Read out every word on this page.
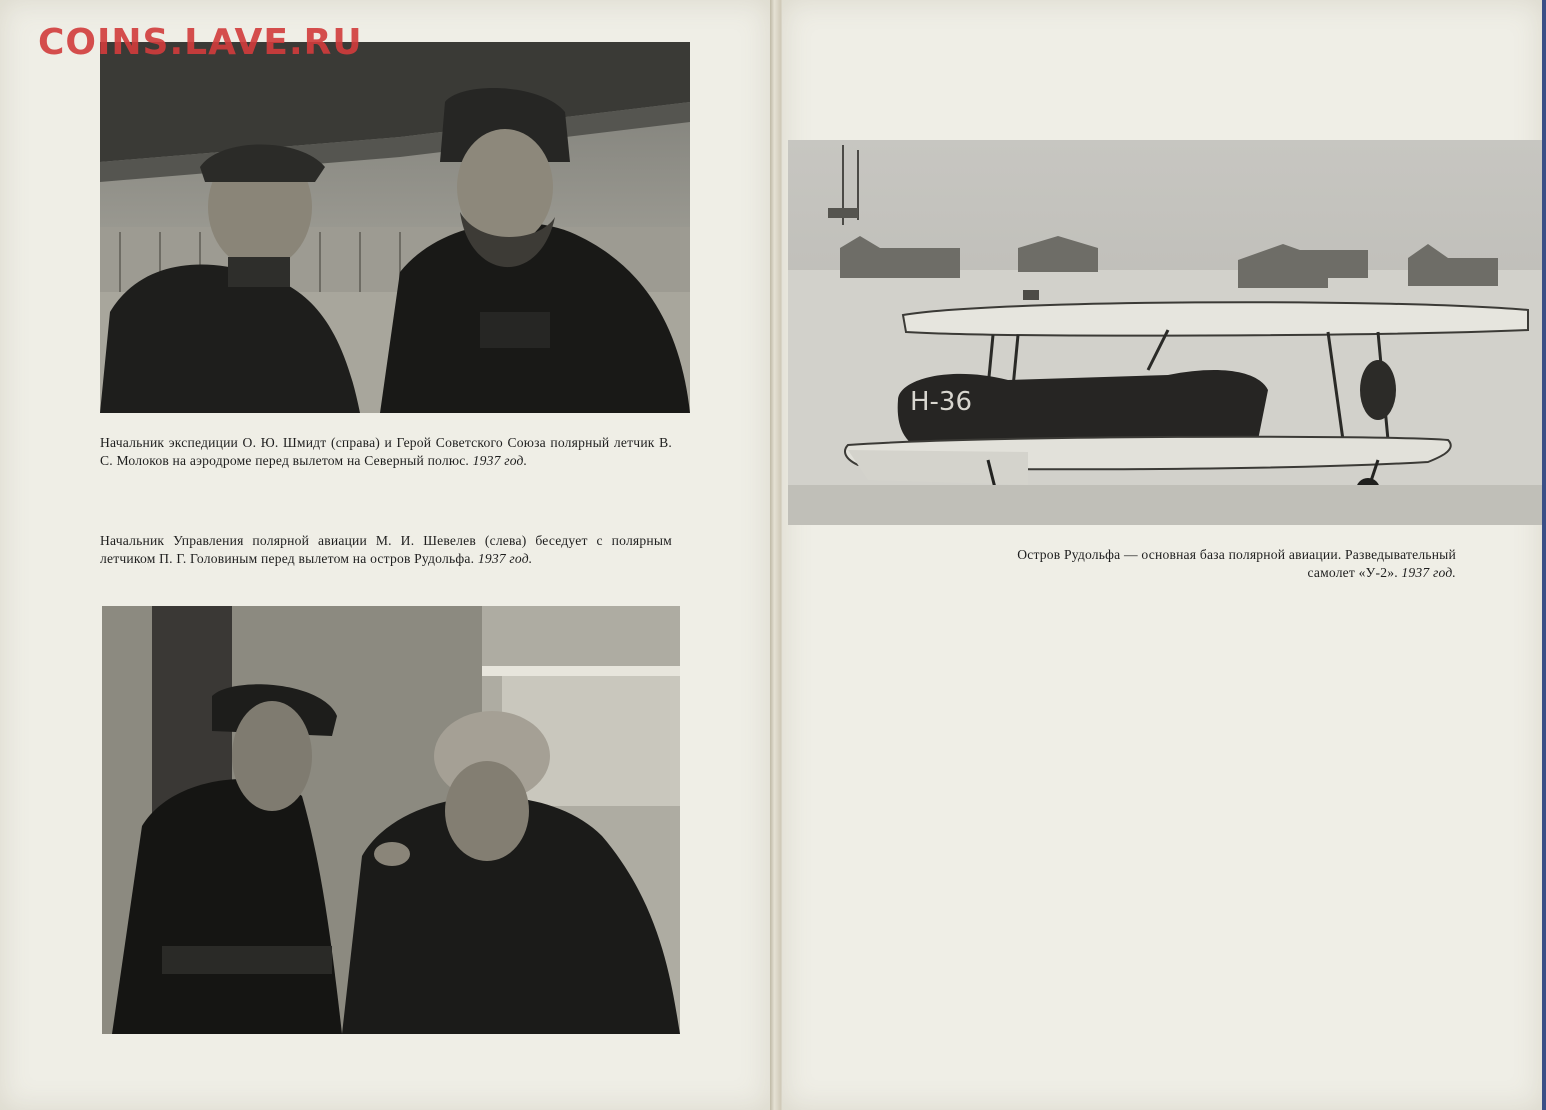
COINS.LAVE.RU
Начальник экспедиции О. Ю. Шмидт (справа) и Герой Советского Союза полярный летчик В. С. Молоков на аэродроме перед вылетом на Северный полюс. 1937 год.
Начальник Управления полярной авиации М. И. Шевелев (слева) беседует с полярным летчиком П. Г. Головиным перед вылетом на остров Рудольфа. 1937 год.
Н-36
Остров Рудольфа — основная база полярной авиации. Разведывательный
самолет «У-2». 1937 год.
